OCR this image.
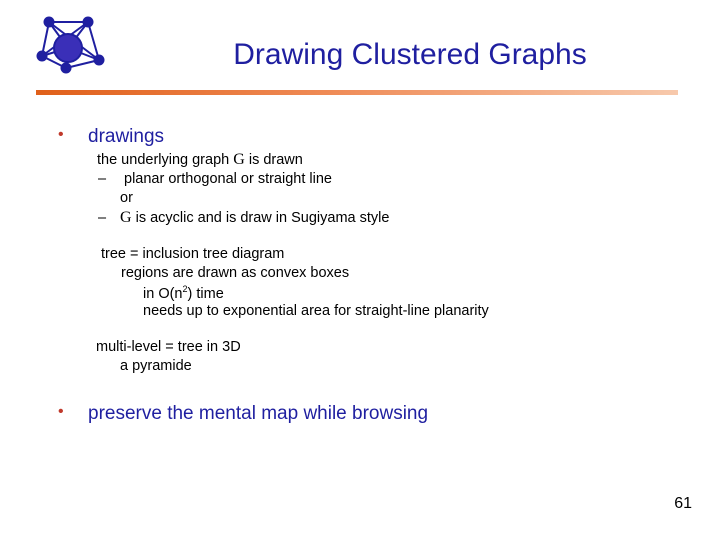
Drawing Clustered Graphs
• drawings
the underlying graph G is drawn
– planar orthogonal or straight line
or
– G is acyclic and is draw in Sugiyama style
tree = inclusion tree diagram
regions are drawn as convex boxes
in $O(n^2)$ time
needs up to exponential area for straight-line planarity
multi-level = tree in 3D
a pyramide
• preserve the mental map while browsing
61
